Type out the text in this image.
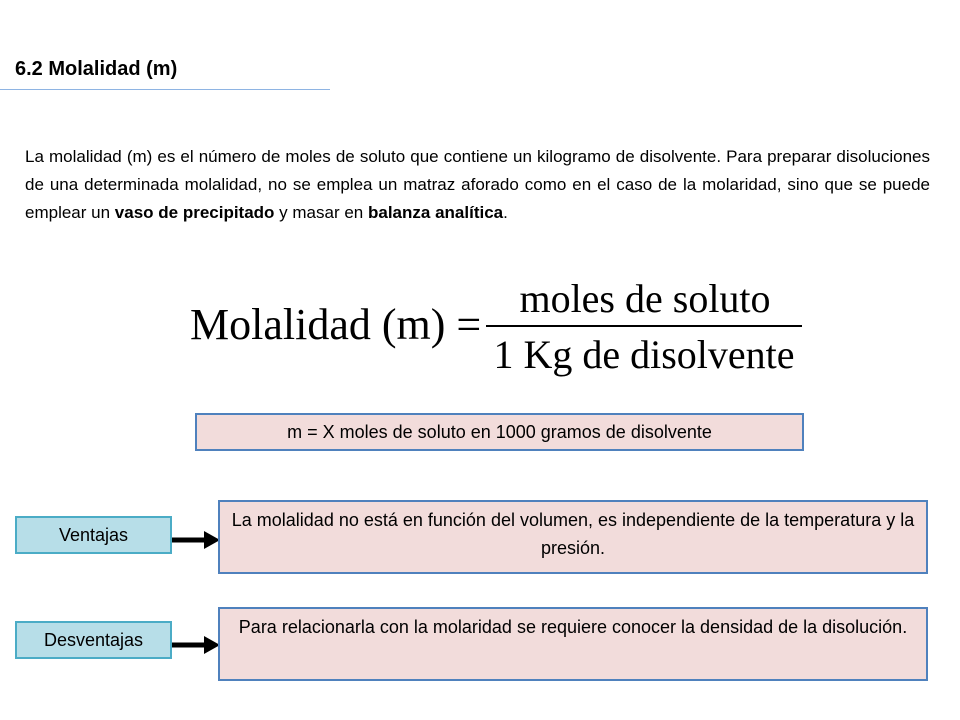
6.2 Molalidad (m)

La molalidad (m) es el número de moles de soluto que contiene un kilogramo de disolvente. Para preparar disoluciones de una determinada molalidad, no se emplea un matraz aforado como en el caso de la molaridad, sino que se puede emplear un vaso de precipitado y masar en balanza analítica.

Molalidad (m) =
moles de soluto
1 Kg de disolvente
m = X moles de soluto en 1000 gramos de disolvente
Ventajas
La molalidad no está en función del volumen, es independiente de la temperatura y la presión.
Desventajas
Para relacionarla con la molaridad se requiere conocer la densidad de la disolución.
